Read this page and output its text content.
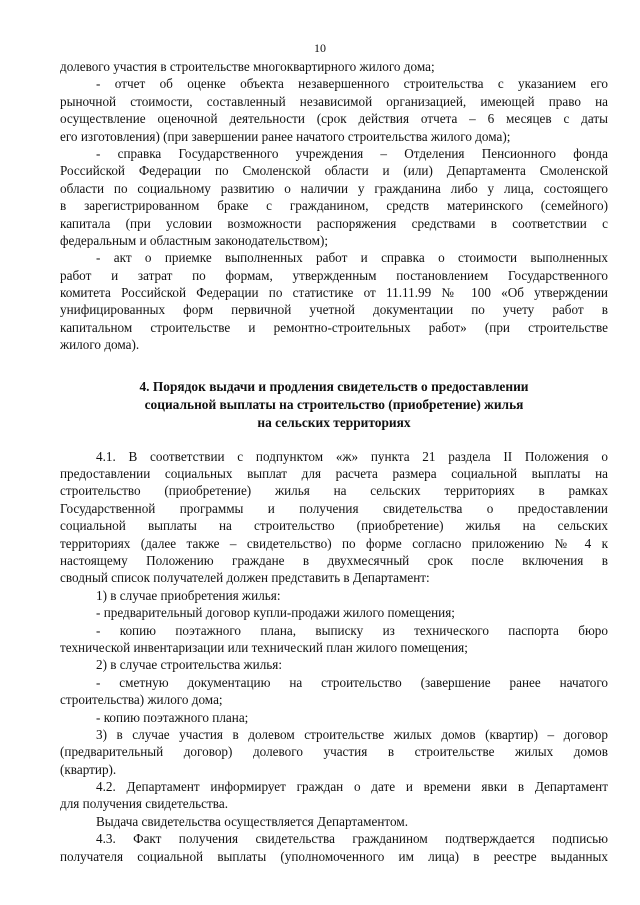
10
долевого участия в строительстве многоквартирного жилого дома;
- отчет об оценке объекта незавершенного строительства с указанием его
рыночной стоимости, составленный независимой организацией, имеющей право на
осуществление оценочной деятельности (срок действия отчета – 6 месяцев с даты
его изготовления) (при завершении ранее начатого строительства жилого дома);
- справка Государственного учреждения – Отделения Пенсионного фонда
Российской Федерации по Смоленской области и (или) Департамента Смоленской
области по социальному развитию о наличии у гражданина либо у лица, состоящего
в зарегистрированном браке с гражданином, средств материнского (семейного)
капитала (при условии возможности распоряжения средствами в соответствии с
федеральным и областным законодательством);
- акт о приемке выполненных работ и справка о стоимости выполненных
работ и затрат по формам, утвержденным постановлением Государственного
комитета Российской Федерации по статистике от 11.11.99 № 100 «Об утверждении
унифицированных форм первичной учетной документации по учету работ в
капитальном строительстве и ремонтно-строительных работ» (при строительстве
жилого дома).
4. Порядок выдачи и продления свидетельств о предоставлении
социальной выплаты на строительство (приобретение) жилья
на сельских территориях
4.1. В соответствии с подпунктом «ж» пункта 21 раздела II Положения о
предоставлении социальных выплат для расчета размера социальной выплаты на
строительство (приобретение) жилья на сельских территориях в рамках
Государственной программы и получения свидетельства о предоставлении
социальной выплаты на строительство (приобретение) жилья на сельских
территориях (далее также – свидетельство) по форме согласно приложению № 4 к
настоящему Положению граждане в двухмесячный срок после включения в
сводный список получателей должен представить в Департамент:
1) в случае приобретения жилья:
- предварительный договор купли-продажи жилого помещения;
- копию поэтажного плана, выписку из технического паспорта бюро
технической инвентаризации или технический план жилого помещения;
2) в случае строительства жилья:
- сметную документацию на строительство (завершение ранее начатого
строительства) жилого дома;
- копию поэтажного плана;
3) в случае участия в долевом строительстве жилых домов (квартир) – договор
(предварительный договор) долевого участия в строительстве жилых домов
(квартир).
4.2. Департамент информирует граждан о дате и времени явки в Департамент
для получения свидетельства.
Выдача свидетельства осуществляется Департаментом.
4.3. Факт получения свидетельства гражданином подтверждается подписью
получателя социальной выплаты (уполномоченного им лица) в реестре выданных
